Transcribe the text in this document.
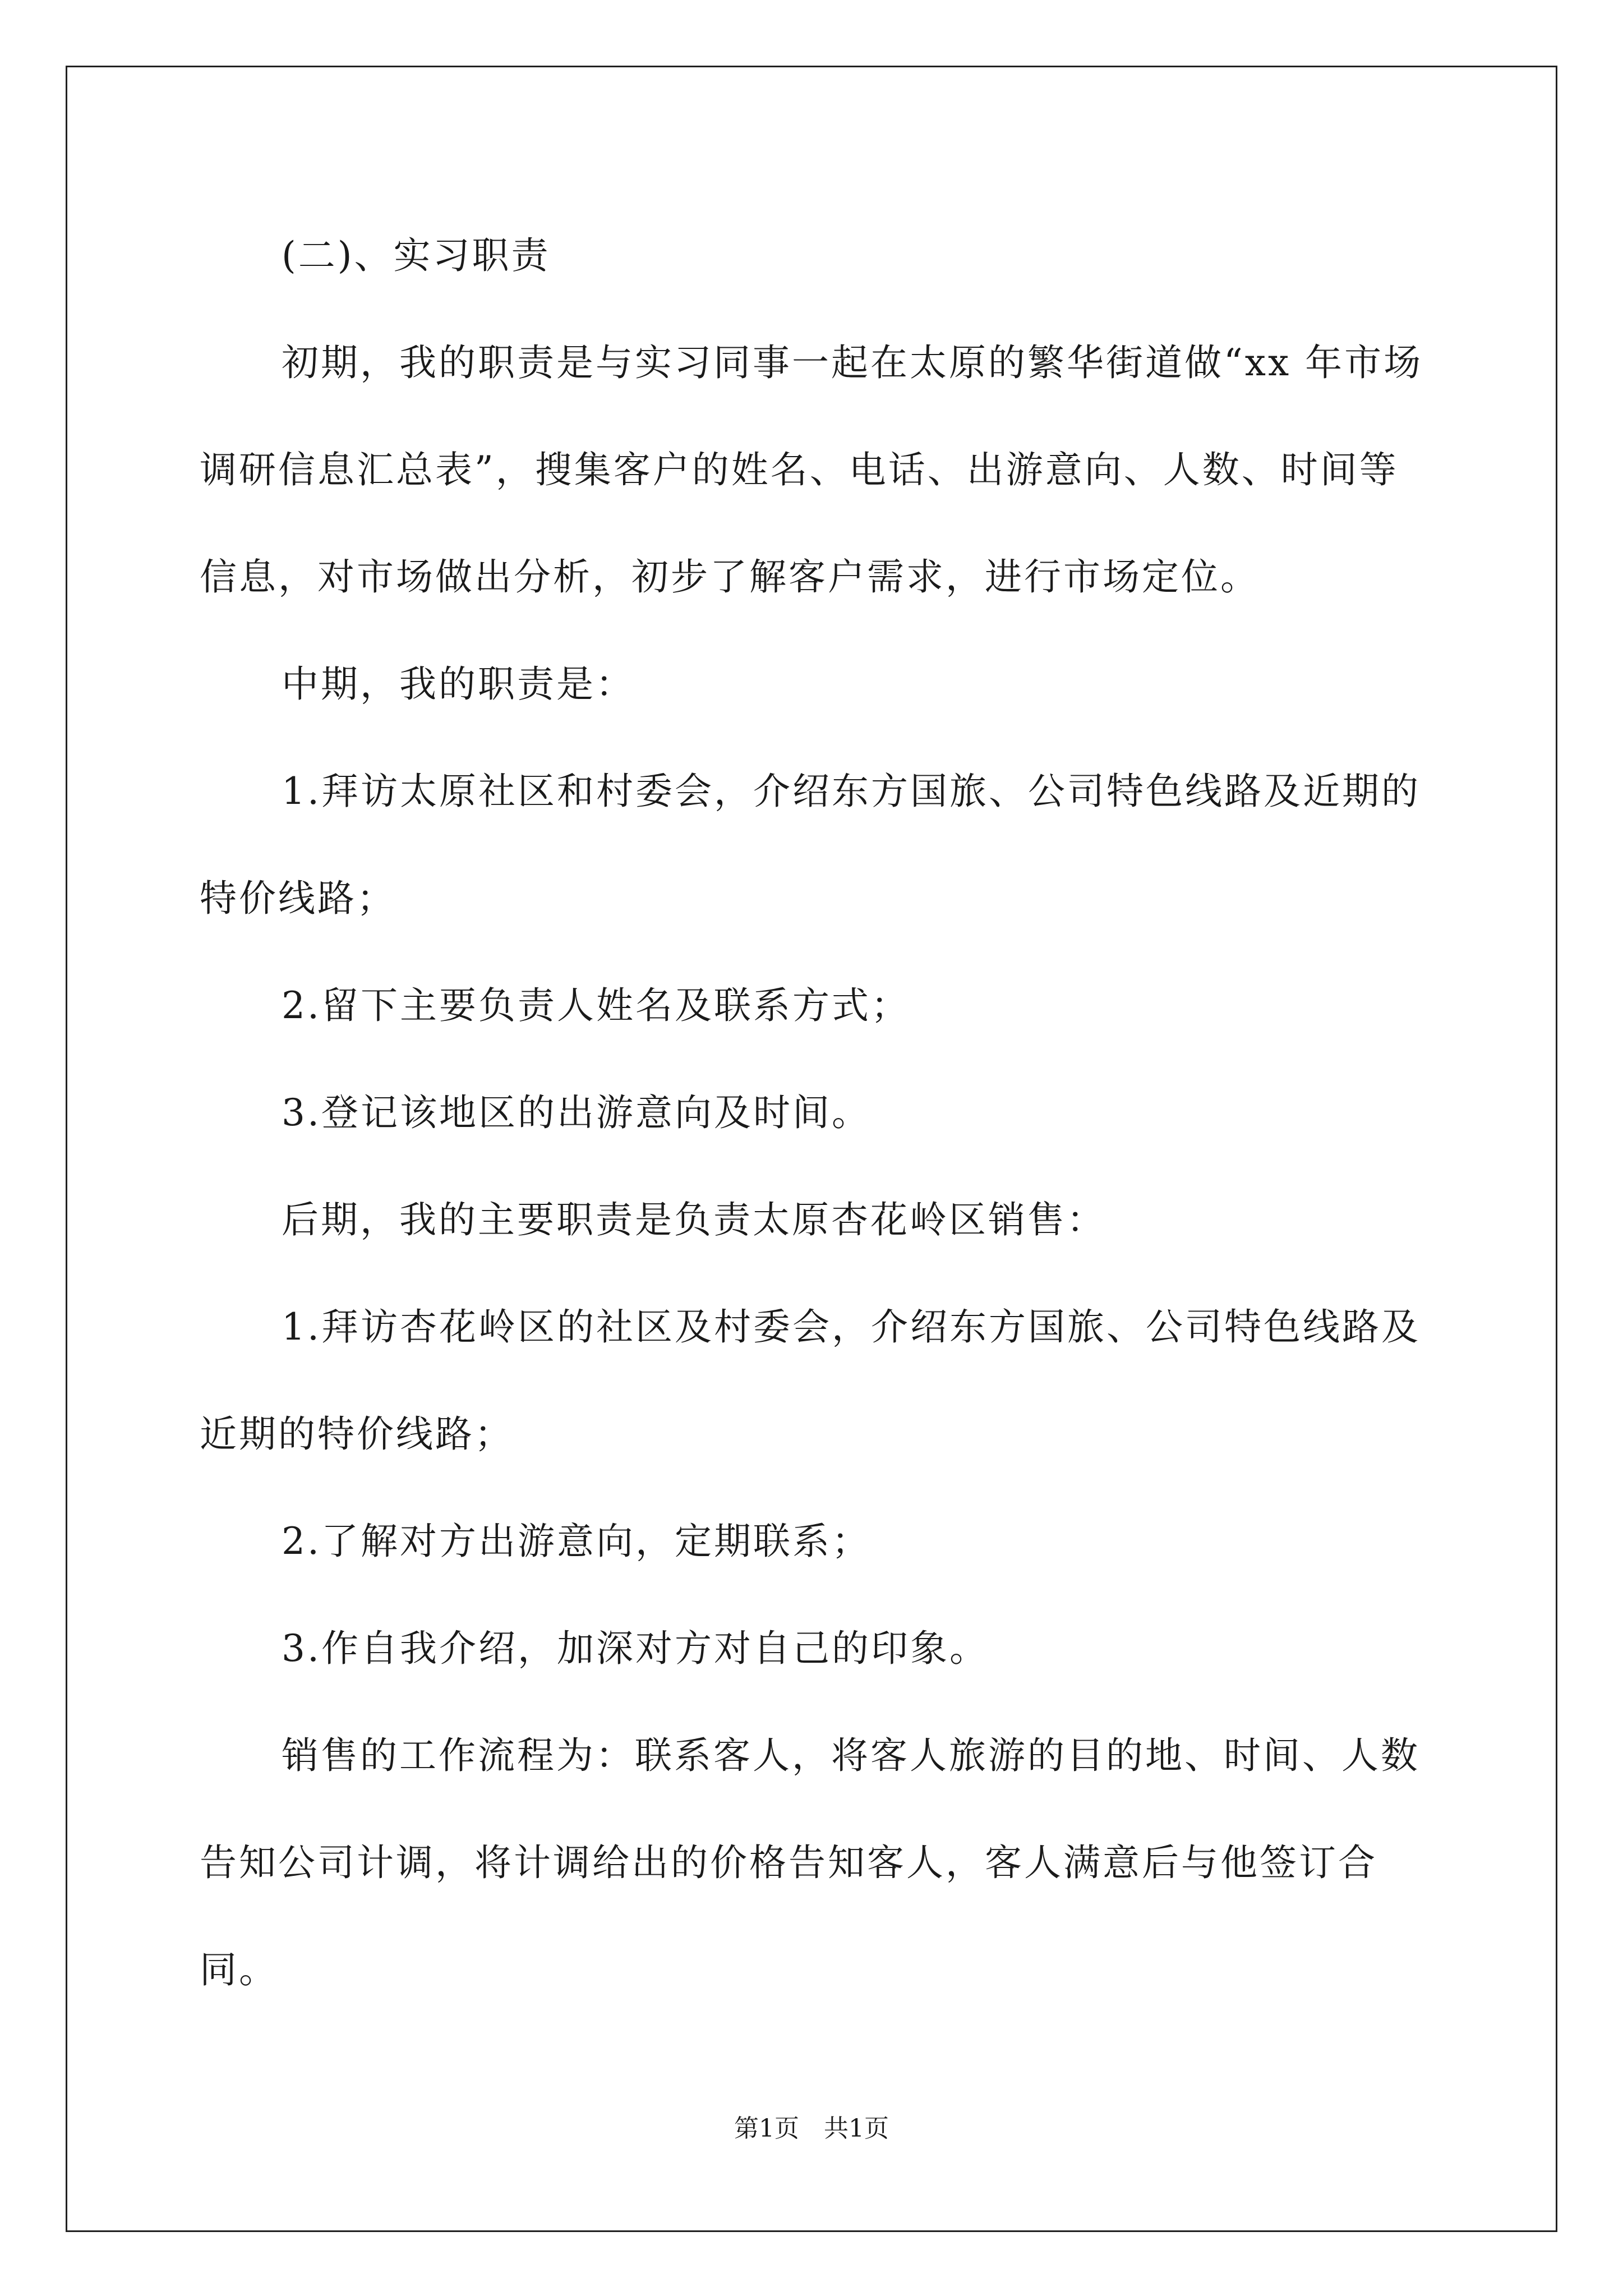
(二)、实习职责

初期，我的职责是与实习同事一起在太原的繁华街道做“xx 年市场调研信息汇总表”，搜集客户的姓名、电话、出游意向、人数、时间等信息，对市场做出分析，初步了解客户需求，进行市场定位。

中期，我的职责是：

1.拜访太原社区和村委会，介绍东方国旅、公司特色线路及近期的特价线路；

2.留下主要负责人姓名及联系方式；

3.登记该地区的出游意向及时间。

后期，我的主要职责是负责太原杏花岭区销售：

1.拜访杏花岭区的社区及村委会，介绍东方国旅、公司特色线路及近期的特价线路；

2.了解对方出游意向，定期联系；

3.作自我介绍，加深对方对自己的印象。

销售的工作流程为：联系客人，将客人旅游的目的地、时间、人数告知公司计调，将计调给出的价格告知客人，客人满意后与他签订合同。

第1页　共1页
